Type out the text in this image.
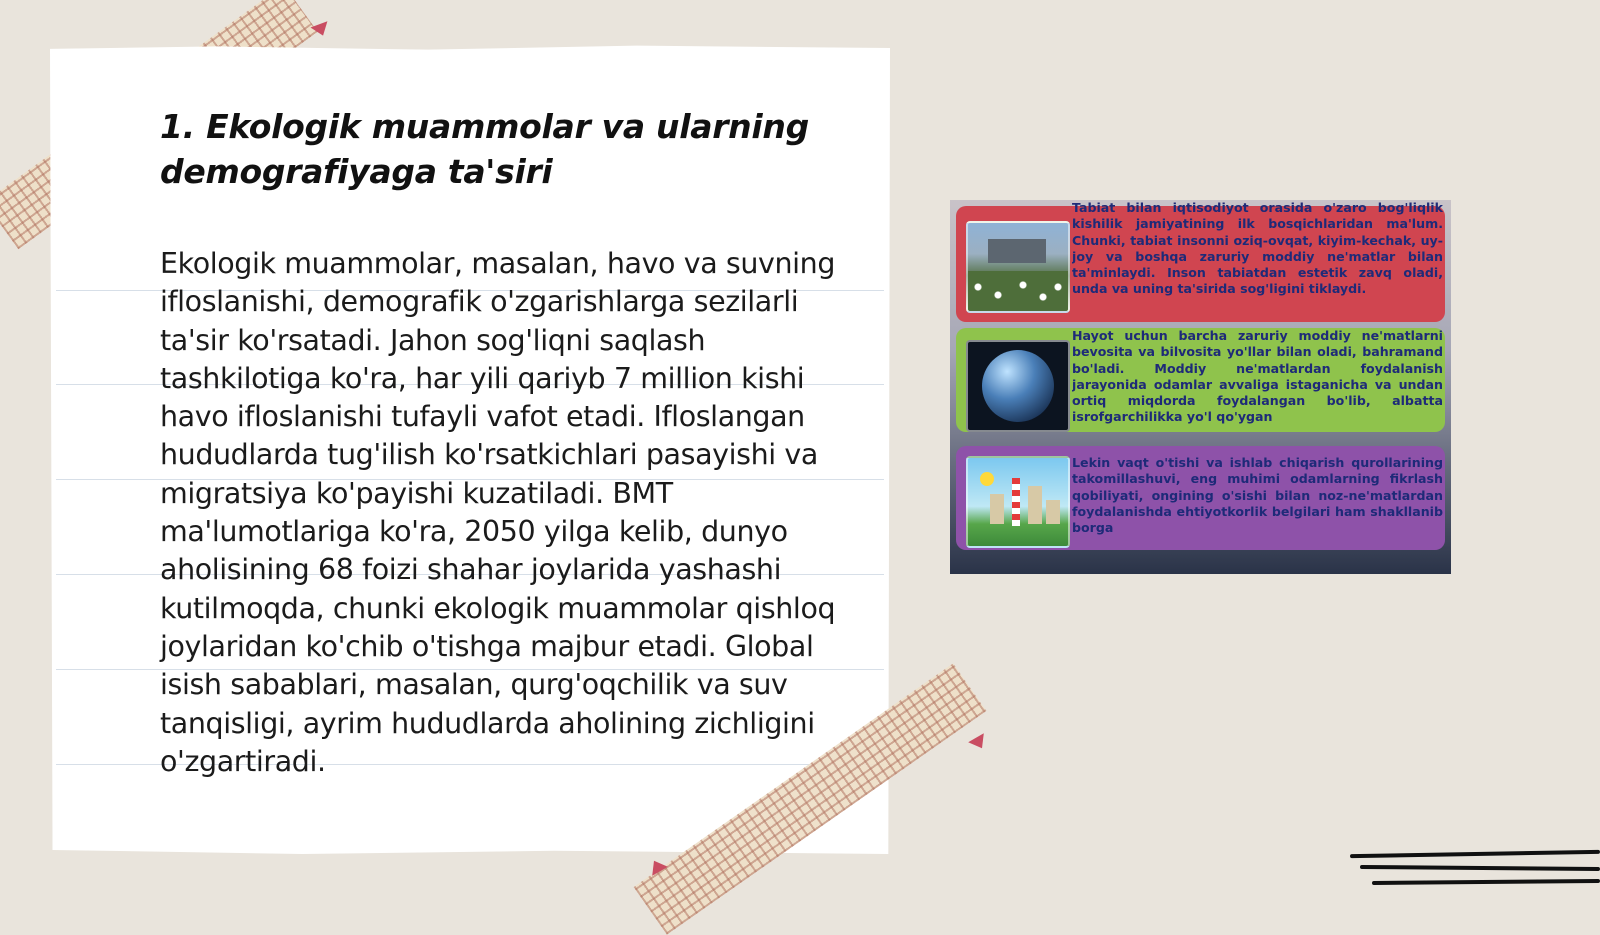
1. Ekologik muammolar va ularning demografiyaga ta'siri

Ekologik muammolar, masalan, havo va suvning ifloslanishi, demografik o'zgarishlarga sezilarli ta'sir ko'rsatadi. Jahon sog'liqni saqlash tashkilotiga ko'ra, har yili qariyb 7 million kishi havo ifloslanishi tufayli vafot etadi. Ifloslangan hududlarda tug'ilish ko'rsatkichlari pasayishi va migratsiya ko'payishi kuzatiladi. BMT ma'lumotlariga ko'ra, 2050 yilga kelib, dunyo aholisining 68 foizi shahar joylarida yashashi kutilmoqda, chunki ekologik muammolar qishloq joylaridan ko'chib o'tishga majbur etadi. Global isish sabablari, masalan, qurg'oqchilik va suv tanqisligi, ayrim hududlarda aholining zichligini o'zgartiradi.

Tabiat bilan iqtisodiyot orasida o'zaro bog'liqlik kishilik jamiyatining ilk bosqichlaridan ma'lum. Chunki, tabiat insonni oziq-ovqat, kiyim-kechak, uy-joy va boshqa zaruriy moddiy ne'matlar bilan ta'minlaydi. Inson tabiatdan estetik zavq oladi, unda va uning ta'sirida sog'ligini tiklaydi.

Hayot uchun barcha zaruriy moddiy ne'matlarni bevosita va bilvosita yo'llar bilan oladi, bahramand bo'ladi. Moddiy ne'matlardan foydalanish jarayonida odamlar avvaliga istaganicha va undan ortiq miqdorda foydalangan bo'lib, albatta isrofgarchilikka yo'l qo'ygan

Lekin vaqt o'tishi va ishlab chiqarish qurollarining takomillashuvi, eng muhimi odamlarning fikrlash qobiliyati, ongining o'sishi bilan noz-ne'matlardan foydalanishda ehtiyotkorlik belgilari ham shakllanib borga
